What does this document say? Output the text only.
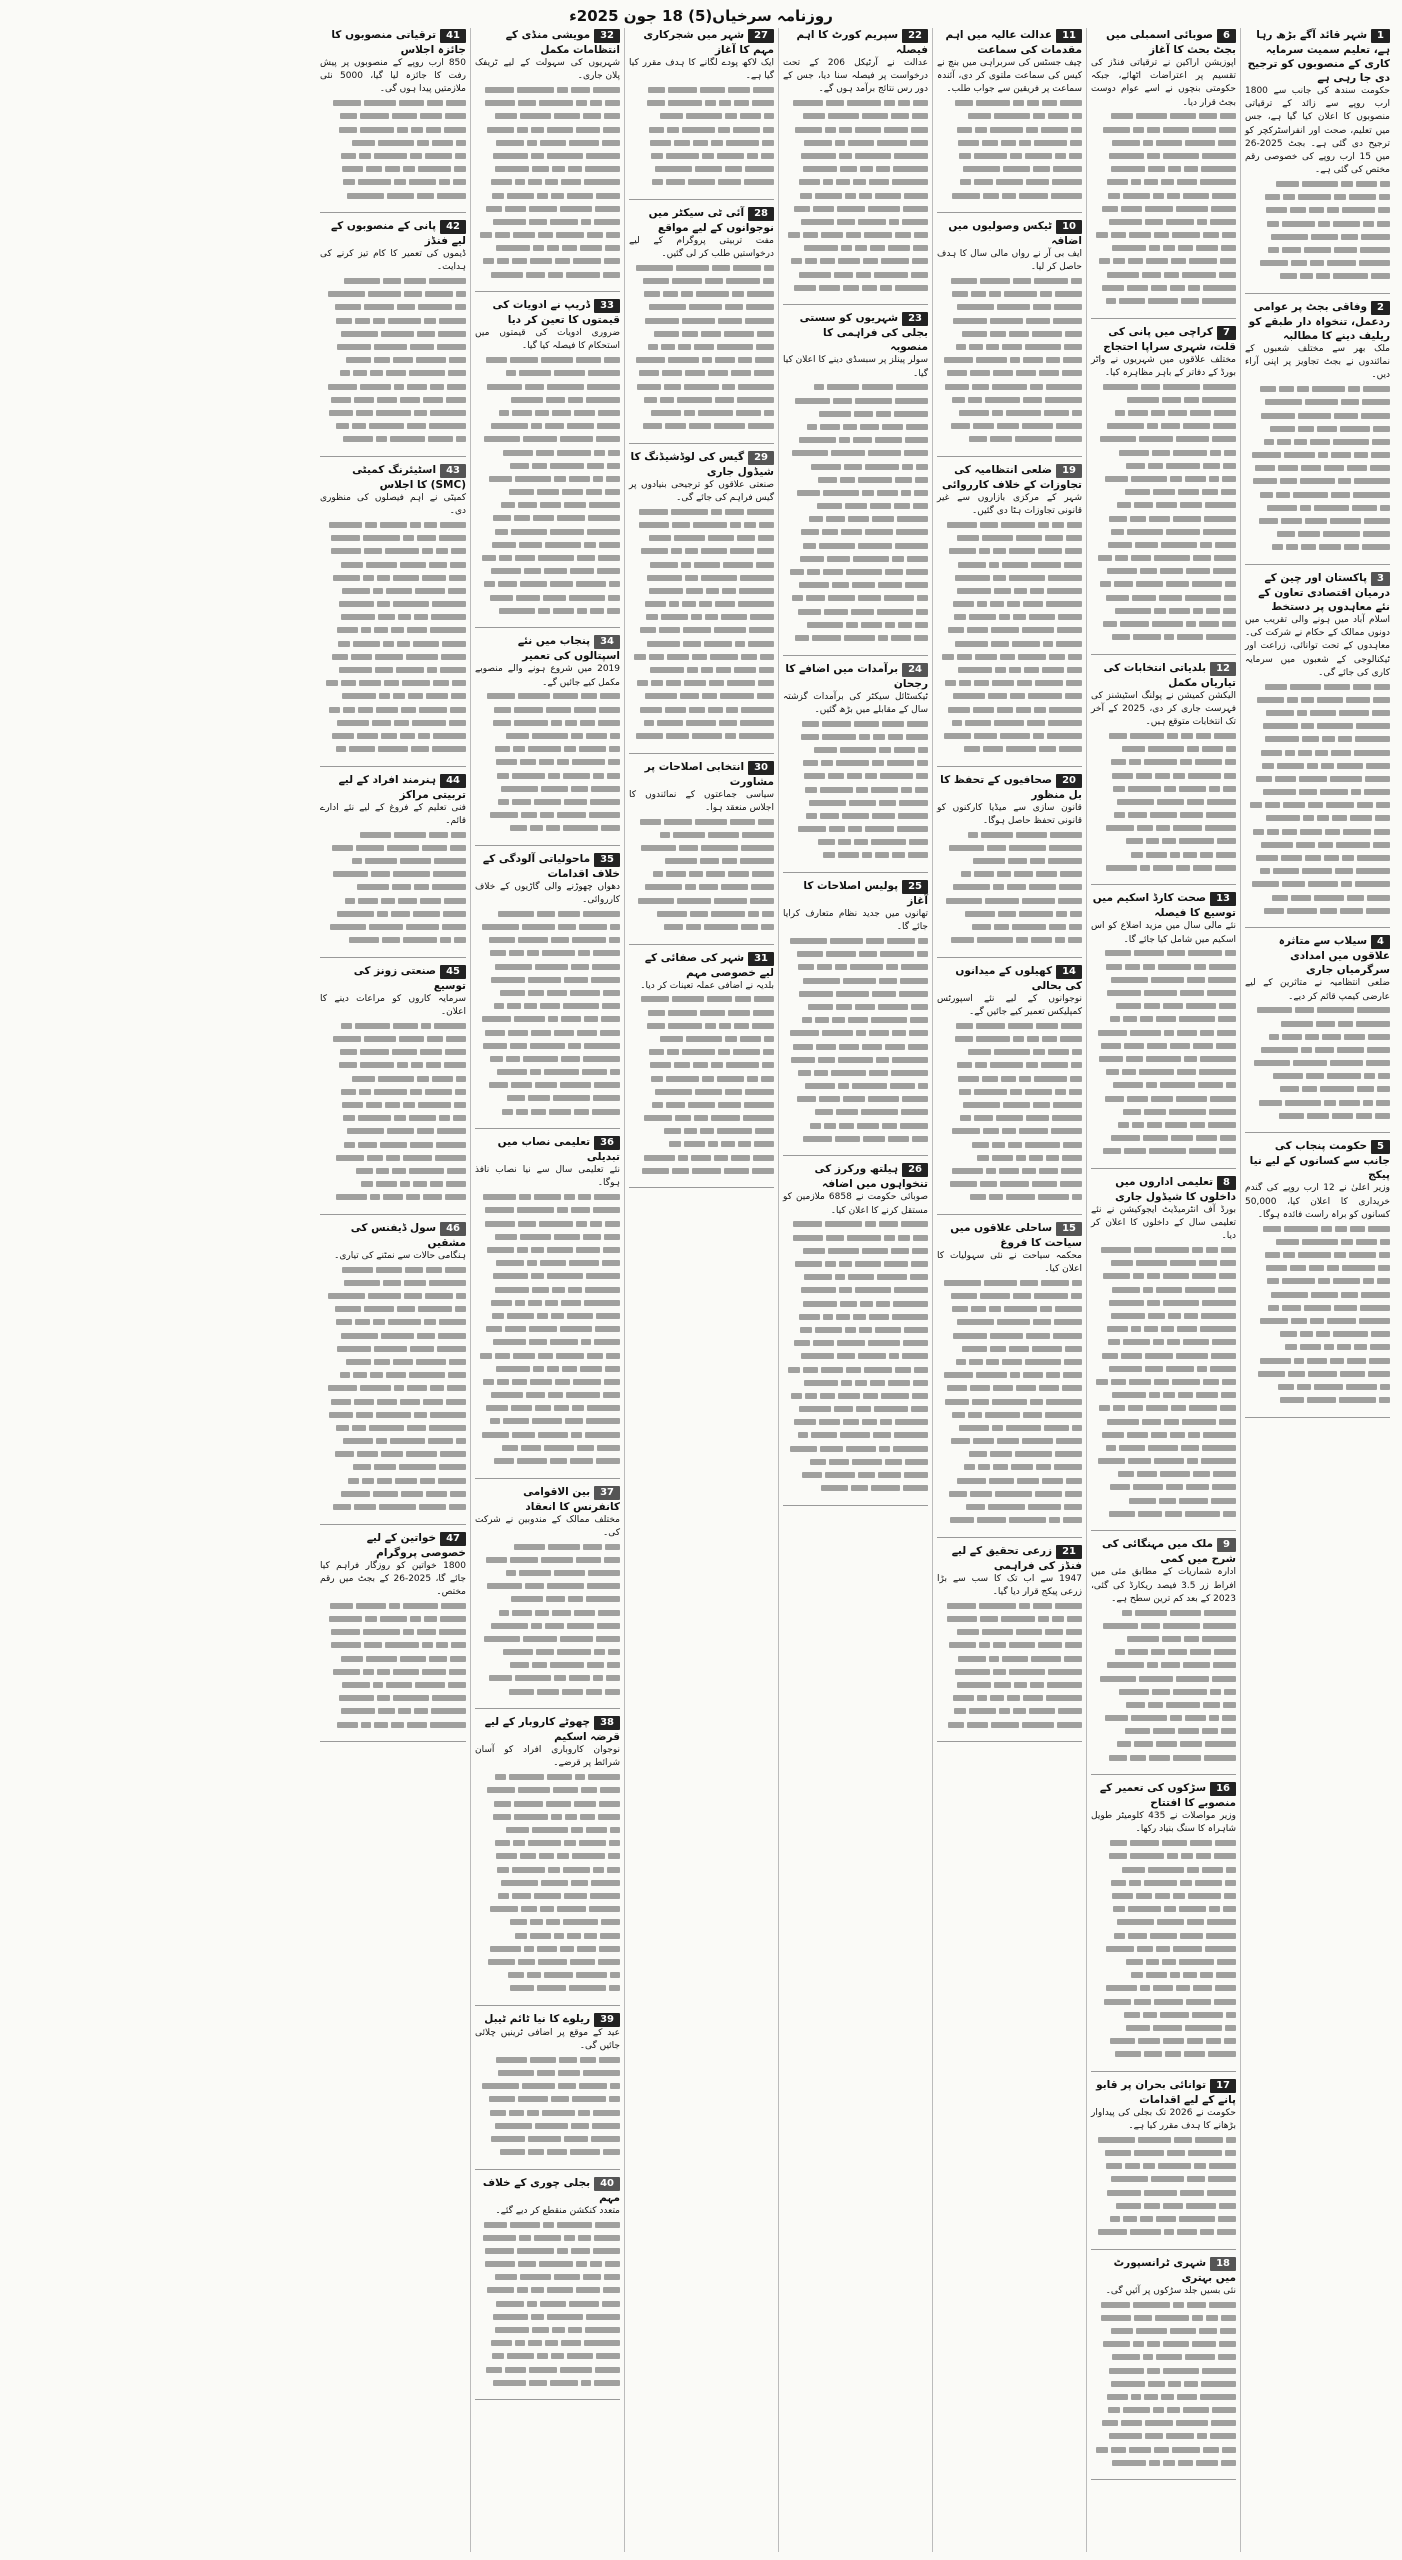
روزنامہ سرخیاں(5) 18 جون 2025ء
1شہر قائد آگے بڑھ رہا ہے، تعلیم سمیت سرمایہ کاری کے منصوبوں کو ترجیح دی جا رہی ہے
حکومت سندھ کی جانب سے 1800 ارب روپے سے زائد کے ترقیاتی منصوبوں کا اعلان کیا گیا ہے، جس میں تعلیم، صحت اور انفراسٹرکچر کو ترجیح دی گئی ہے۔ بجٹ 2025-26 میں 15 ارب روپے کی خصوصی رقم مختص کی گئی ہے۔
2وفاقی بجٹ پر عوامی ردعمل، تنخواہ دار طبقے کو ریلیف دینے کا مطالبہ
ملک بھر سے مختلف شعبوں کے نمائندوں نے بجٹ تجاویز پر اپنی آراء دیں۔
3پاکستان اور چین کے درمیان اقتصادی تعاون کے نئے معاہدوں پر دستخط
اسلام آباد میں ہونے والی تقریب میں دونوں ممالک کے حکام نے شرکت کی۔ معاہدوں کے تحت توانائی، زراعت اور ٹیکنالوجی کے شعبوں میں سرمایہ کاری کی جائے گی۔
4سیلاب سے متاثرہ علاقوں میں امدادی سرگرمیاں جاری
ضلعی انتظامیہ نے متاثرین کے لیے عارضی کیمپ قائم کر دیے۔
5حکومت پنجاب کی جانب سے کسانوں کے لیے نیا پیکج
وزیر اعلیٰ نے 12 ارب روپے کی گندم خریداری کا اعلان کیا، 50,000 کسانوں کو براہ راست فائدہ ہوگا۔
6صوبائی اسمبلی میں بجٹ بحث کا آغاز
اپوزیشن اراکین نے ترقیاتی فنڈز کی تقسیم پر اعتراضات اٹھائے، جبکہ حکومتی بنچوں نے اسے عوام دوست بجٹ قرار دیا۔
7کراچی میں پانی کی قلت، شہری سراپا احتجاج
مختلف علاقوں میں شہریوں نے واٹر بورڈ کے دفاتر کے باہر مظاہرہ کیا۔
12بلدیاتی انتخابات کی تیاریاں مکمل
الیکشن کمیشن نے پولنگ اسٹیشنز کی فہرست جاری کر دی، 2025 کے آخر تک انتخابات متوقع ہیں۔
13صحت کارڈ اسکیم میں توسیع کا فیصلہ
نئے مالی سال میں مزید اضلاع کو اس اسکیم میں شامل کیا جائے گا۔
8تعلیمی اداروں میں داخلوں کا شیڈول جاری
بورڈ آف انٹرمیڈیٹ ایجوکیشن نے نئے تعلیمی سال کے داخلوں کا اعلان کر دیا۔
9ملک میں مہنگائی کی شرح میں کمی
ادارہ شماریات کے مطابق مئی میں افراط زر 3.5 فیصد ریکارڈ کی گئی، 2023 کے بعد کم ترین سطح ہے۔
16سڑکوں کی تعمیر کے منصوبے کا افتتاح
وزیر مواصلات نے 435 کلومیٹر طویل شاہراہ کا سنگ بنیاد رکھا۔
17توانائی بحران پر قابو پانے کے لیے اقدامات
حکومت نے 2026 تک بجلی کی پیداوار بڑھانے کا ہدف مقرر کیا ہے۔
18شہری ٹرانسپورٹ میں بہتری
نئی بسیں جلد سڑکوں پر آئیں گی۔
11عدالت عالیہ میں اہم مقدمات کی سماعت
چیف جسٹس کی سربراہی میں بنچ نے کیس کی سماعت ملتوی کر دی، آئندہ سماعت پر فریقین سے جواب طلب۔
10ٹیکس وصولیوں میں اضافہ
ایف بی آر نے رواں مالی سال کا ہدف حاصل کر لیا۔
19ضلعی انتظامیہ کی تجاوزات کے خلاف کارروائی
شہر کے مرکزی بازاروں سے غیر قانونی تجاوزات ہٹا دی گئیں۔
20صحافیوں کے تحفظ کا بل منظور
قانون سازی سے میڈیا کارکنوں کو قانونی تحفظ حاصل ہوگا۔
14کھیلوں کے میدانوں کی بحالی
نوجوانوں کے لیے نئے اسپورٹس کمپلیکس تعمیر کیے جائیں گے۔
15ساحلی علاقوں میں سیاحت کا فروغ
محکمہ سیاحت نے نئی سہولیات کا اعلان کیا۔
21زرعی تحقیق کے لیے فنڈز کی فراہمی
1947 سے اب تک کا سب سے بڑا زرعی پیکج قرار دیا گیا۔
22سپریم کورٹ کا اہم فیصلہ
عدالت نے آرٹیکل 206 کے تحت درخواست پر فیصلہ سنا دیا، جس کے دور رس نتائج برآمد ہوں گے۔
23شہریوں کو سستی بجلی کی فراہمی کا منصوبہ
سولر پینلز پر سبسڈی دینے کا اعلان کیا گیا۔
24برآمدات میں اضافے کا رجحان
ٹیکسٹائل سیکٹر کی برآمدات گزشتہ سال کے مقابلے میں بڑھ گئیں۔
25پولیس اصلاحات کا آغاز
تھانوں میں جدید نظام متعارف کرایا جائے گا۔
26ہیلتھ ورکرز کی تنخواہوں میں اضافہ
صوبائی حکومت نے 6858 ملازمین کو مستقل کرنے کا اعلان کیا۔
27شہر میں شجرکاری مہم کا آغاز
ایک لاکھ پودے لگانے کا ہدف مقرر کیا گیا ہے۔
28آئی ٹی سیکٹر میں نوجوانوں کے لیے مواقع
مفت تربیتی پروگرام کے لیے درخواستیں طلب کر لی گئیں۔
29گیس کی لوڈشیڈنگ کا شیڈول جاری
صنعتی علاقوں کو ترجیحی بنیادوں پر گیس فراہم کی جائے گی۔
30انتخابی اصلاحات پر مشاورت
سیاسی جماعتوں کے نمائندوں کا اجلاس منعقد ہوا۔
31شہر کی صفائی کے لیے خصوصی مہم
بلدیہ نے اضافی عملہ تعینات کر دیا۔
32مویشی منڈی کے انتظامات مکمل
شہریوں کی سہولت کے لیے ٹریفک پلان جاری۔
33ڈریپ نے ادویات کی قیمتوں کا تعین کر دیا
ضروری ادویات کی قیمتوں میں استحکام کا فیصلہ کیا گیا۔
34پنجاب میں نئے اسپتالوں کی تعمیر
2019 میں شروع ہونے والے منصوبے مکمل کیے جائیں گے۔
35ماحولیاتی آلودگی کے خلاف اقدامات
دھواں چھوڑنے والی گاڑیوں کے خلاف کارروائی۔
36تعلیمی نصاب میں تبدیلی
نئے تعلیمی سال سے نیا نصاب نافذ ہوگا۔
37بین الاقوامی کانفرنس کا انعقاد
مختلف ممالک کے مندوبین نے شرکت کی۔
38چھوٹے کاروبار کے لیے قرضہ اسکیم
نوجوان کاروباری افراد کو آسان شرائط پر قرضے۔
39ریلوے کا نیا ٹائم ٹیبل
عید کے موقع پر اضافی ٹرینیں چلائی جائیں گی۔
40بجلی چوری کے خلاف مہم
متعدد کنکشن منقطع کر دیے گئے۔
41ترقیاتی منصوبوں کا جائزہ اجلاس
850 ارب روپے کے منصوبوں پر پیش رفت کا جائزہ لیا گیا، 5000 نئی ملازمتیں پیدا ہوں گی۔
42پانی کے منصوبوں کے لیے فنڈز
ڈیموں کی تعمیر کا کام تیز کرنے کی ہدایت۔
43اسٹیئرنگ کمیٹی (SMC) کا اجلاس
کمیٹی نے اہم فیصلوں کی منظوری دی۔
44ہنرمند افراد کے لیے تربیتی مراکز
فنی تعلیم کے فروغ کے لیے نئے ادارے قائم۔
45صنعتی زونز کی توسیع
سرمایہ کاروں کو مراعات دینے کا اعلان۔
46سول ڈیفنس کی مشقیں
ہنگامی حالات سے نمٹنے کی تیاری۔
47خواتین کے لیے خصوصی پروگرام
1800 خواتین کو روزگار فراہم کیا جائے گا، 2025-26 کے بجٹ میں رقم مختص۔
